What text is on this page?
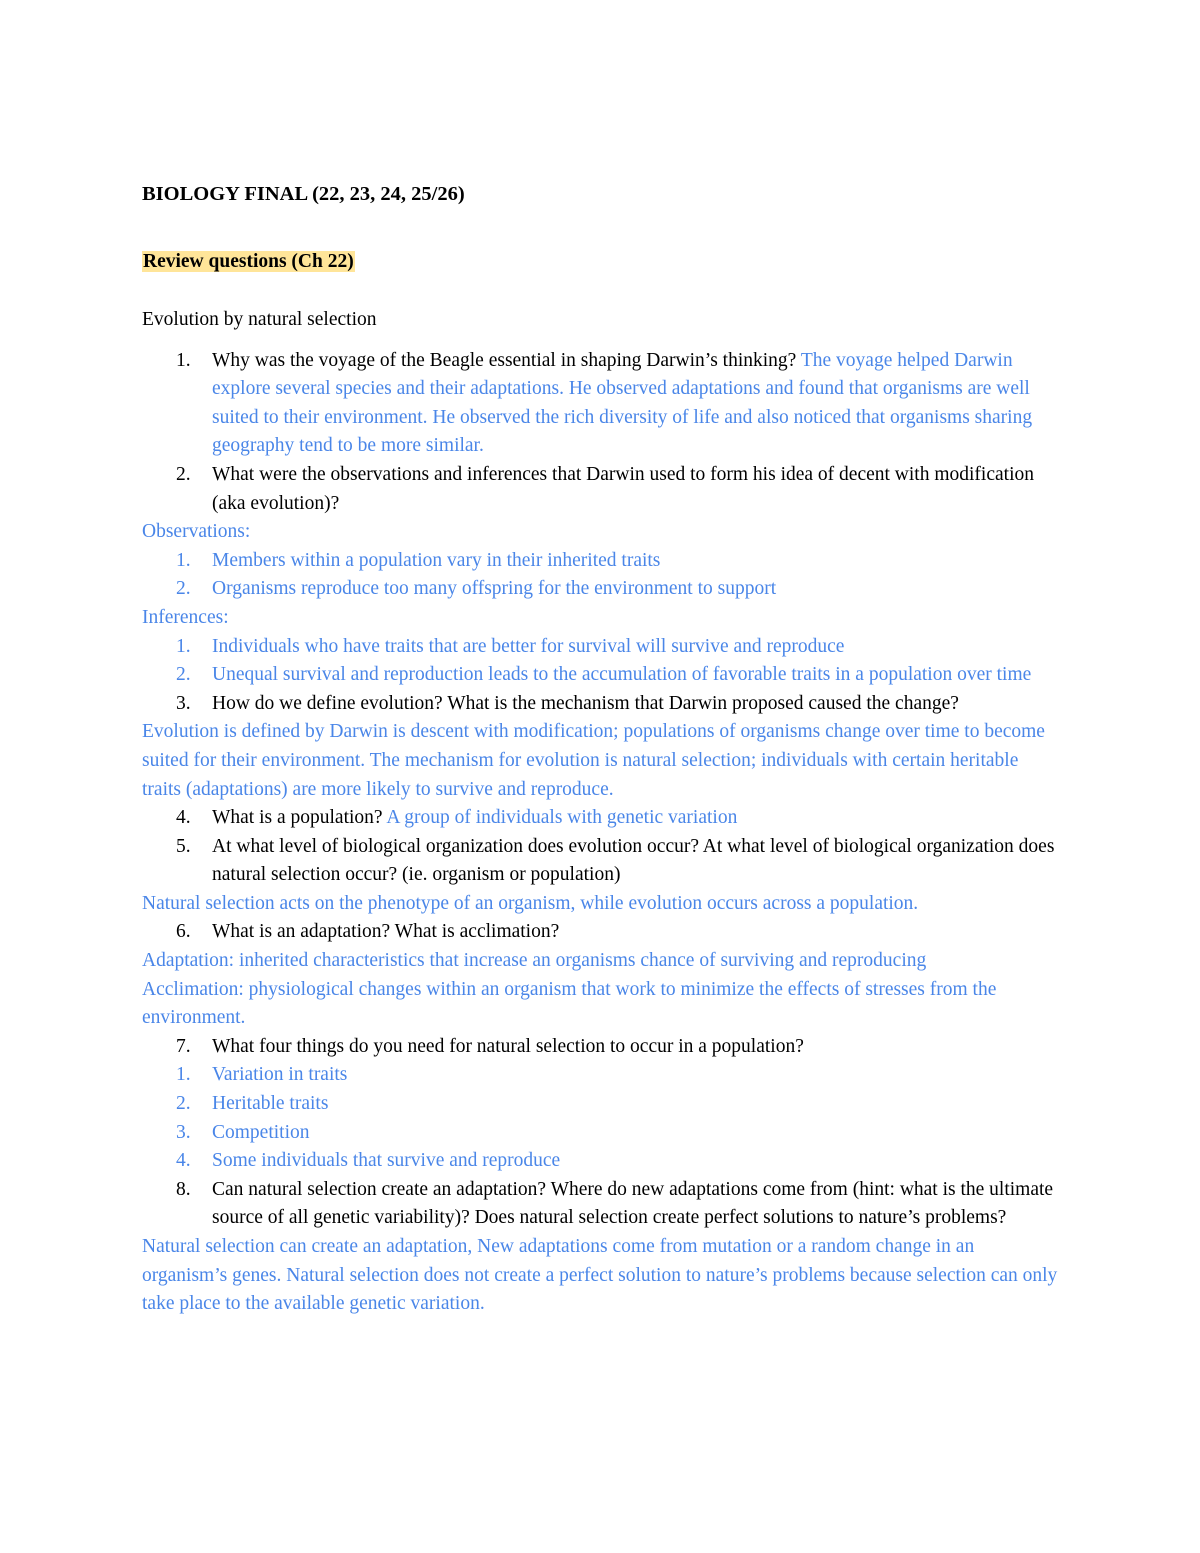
BIOLOGY FINAL (22, 23, 24, 25/26)

Review questions (Ch 22)

Evolution by natural selection

1. Why was the voyage of the Beagle essential in shaping Darwin’s thinking? The voyage helped Darwin explore several species and their adaptations. He observed adaptations and found that organisms are well suited to their environment. He observed the rich diversity of life and also noticed that organisms sharing geography tend to be more similar.
2. What were the observations and inferences that Darwin used to form his idea of decent with modification (aka evolution)?

Observations:

1. Members within a population vary in their inherited traits
2. Organisms reproduce too many offspring for the environment to support

Inferences:

1. Individuals who have traits that are better for survival will survive and reproduce
2. Unequal survival and reproduction leads to the accumulation of favorable traits in a population over time
3. How do we define evolution? What is the mechanism that Darwin proposed caused the change?

Evolution is defined by Darwin is descent with modification; populations of organisms change over time to become suited for their environment. The mechanism for evolution is natural selection; individuals with certain heritable traits (adaptations) are more likely to survive and reproduce.

4. What is a population? A group of individuals with genetic variation
5. At what level of biological organization does evolution occur? At what level of biological organization does natural selection occur? (ie. organism or population)

Natural selection acts on the phenotype of an organism, while evolution occurs across a population.

6. What is an adaptation? What is acclimation?

Adaptation: inherited characteristics that increase an organisms chance of surviving and reproducing

Acclimation: physiological changes within an organism that work to minimize the effects of stresses from the environment.

7. What four things do you need for natural selection to occur in a population?
1. Variation in traits
2. Heritable traits
3. Competition
4. Some individuals that survive and reproduce
8. Can natural selection create an adaptation? Where do new adaptations come from (hint: what is the ultimate source of all genetic variability)? Does natural selection create perfect solutions to nature’s problems?

Natural selection can create an adaptation, New adaptations come from mutation or a random change in an organism’s genes. Natural selection does not create a perfect solution to nature’s problems because selection can only take place to the available genetic variation.
